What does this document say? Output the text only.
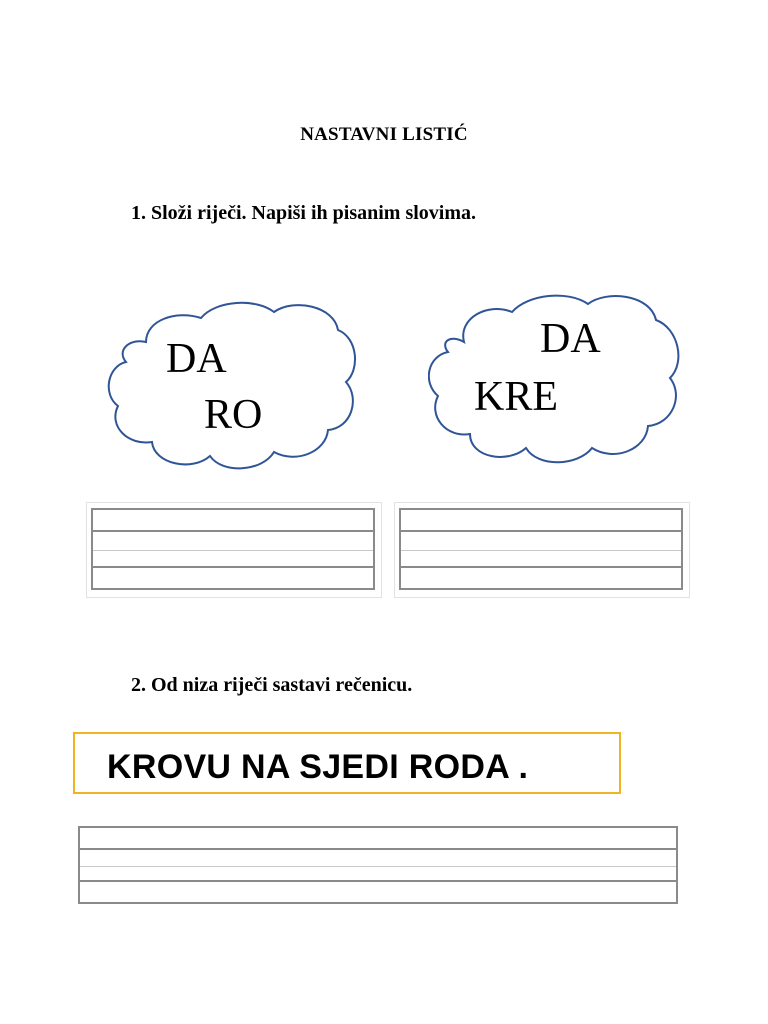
NASTAVNI LISTIĆ
1. Složi riječi. Napiši ih pisanim slovima.
DA
RO
DA
KRE
2. Od niza riječi sastavi rečenicu.
KROVU NA SJEDI RODA .
